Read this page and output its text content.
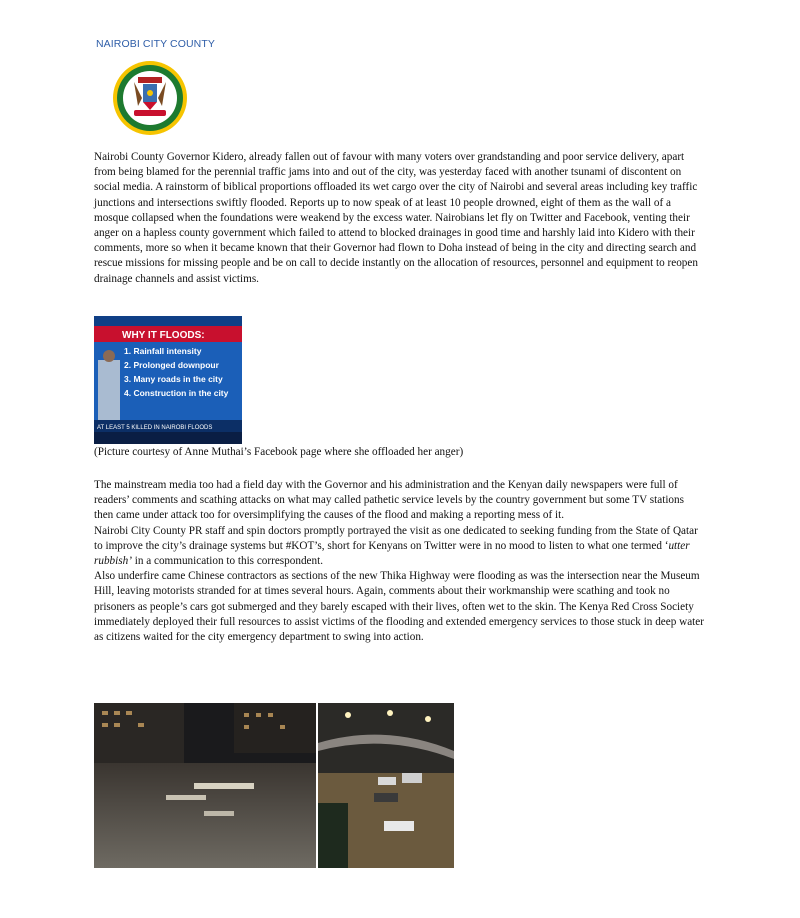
NAIROBI CITY COUNTY

Nairobi County Governor Kidero, already fallen out of favour with many voters over grandstanding and poor service delivery, apart from being blamed for the perennial traffic jams into and out of the city, was yesterday faced with another tsunami of discontent on social media. A rainstorm of biblical proportions offloaded its wet cargo over the city of Nairobi and several areas including key traffic junctions and intersections swiftly flooded. Reports up to now speak of at least 10 people drowned, eight of them as the wall of a mosque collapsed when the foundations were weakend by the excess water. Nairobians let fly on Twitter and Facebook, venting their anger on a hapless county government which failed to attend to blocked drainages in good time and harshly laid into Kidero with their comments, more so when it became known that their Governor had flown to Doha instead of being in the city and directing search and rescue missions for missing people and be on call to decide instantly on the allocation of resources, personnel and equipment to reopen drainage channels and assist victims.

WHY IT FLOODS:
1. Rainfall intensity
2. Prolonged downpour
3. Many roads in the city
4. Construction in the city
AT LEAST 5 KILLED IN NAIROBI FLOODS
(Picture courtesy of Anne Muthai’s Facebook page where she offloaded her anger)
The mainstream media too had a field day with the Governor and his administration and the Kenyan daily newspapers were full of readers’ comments and scathing attacks on what may called pathetic service levels by the country government but some TV stations then came under attack too for oversimplifying the causes of the flood and making a reporting mess of it.
Nairobi City County PR staff and spin doctors promptly portrayed the visit as one dedicated to seeking funding from the State of Qatar to improve the city’s drainage systems but #KOT’s, short for Kenyans on Twitter were in no mood to listen to what one termed ‘utter rubbish’ in a communication to this correspondent.
Also underfire came Chinese contractors as sections of the new Thika Highway were flooding as was the intersection near the Museum Hill, leaving motorists stranded for at times several hours. Again, comments about their workmanship were scathing and took no prisoners as people’s cars got submerged and they barely escaped with their lives, often wet to the skin. The Kenya Red Cross Society immediately deployed their full resources to assist victims of the flooding and extended emergency services to those stuck in deep water as citizens waited for the city emergency department to swing into action.
